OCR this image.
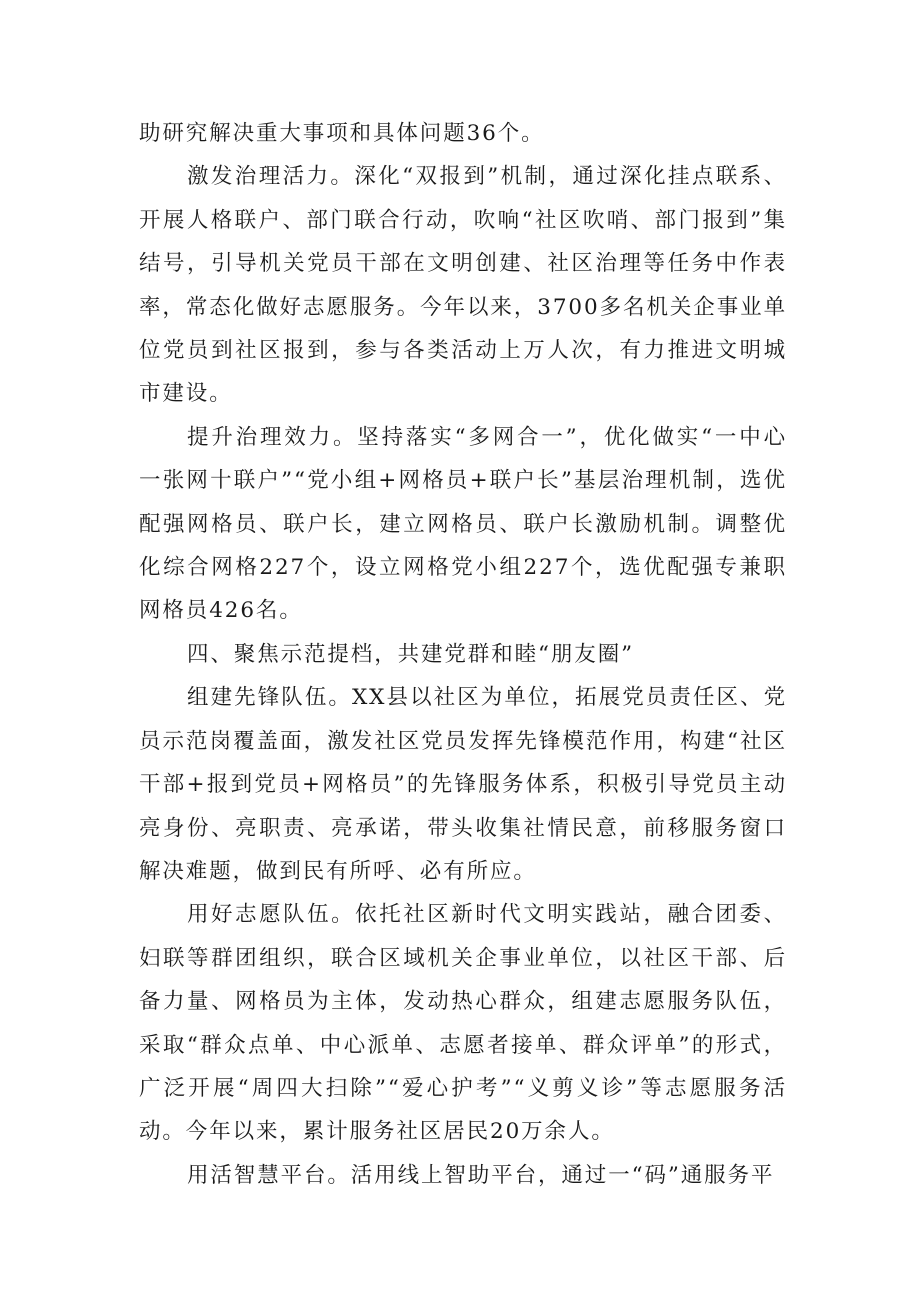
助研究解决重大事项和具体问题36个。

激发治理活力。深化“双报到”机制，通过深化挂点联系、开展人格联户、部门联合行动，吹响“社区吹哨、部门报到”集结号，引导机关党员干部在文明创建、社区治理等任务中作表率，常态化做好志愿服务。今年以来，3700多名机关企事业单位党员到社区报到，参与各类活动上万人次，有力推进文明城市建设。

提升治理效力。坚持落实“多网合一”，优化做实“一中心一张网十联户”“党小组+网格员+联户长”基层治理机制，选优配强网格员、联户长，建立网格员、联户长激励机制。调整优化综合网格227个，设立网格党小组227个，选优配强专兼职网格员426名。

四、聚焦示范提档，共建党群和睦“朋友圈”

组建先锋队伍。XX县以社区为单位，拓展党员责任区、党员示范岗覆盖面，激发社区党员发挥先锋模范作用，构建“社区干部+报到党员+网格员”的先锋服务体系，积极引导党员主动亮身份、亮职责、亮承诺，带头收集社情民意，前移服务窗口解决难题，做到民有所呼、必有所应。

用好志愿队伍。依托社区新时代文明实践站，融合团委、妇联等群团组织，联合区域机关企事业单位，以社区干部、后备力量、网格员为主体，发动热心群众，组建志愿服务队伍，采取“群众点单、中心派单、志愿者接单、群众评单”的形式，广泛开展“周四大扫除”“爱心护考”“义剪义诊”等志愿服务活动。今年以来，累计服务社区居民20万余人。

用活智慧平台。活用线上智助平台，通过一“码”通服务平
